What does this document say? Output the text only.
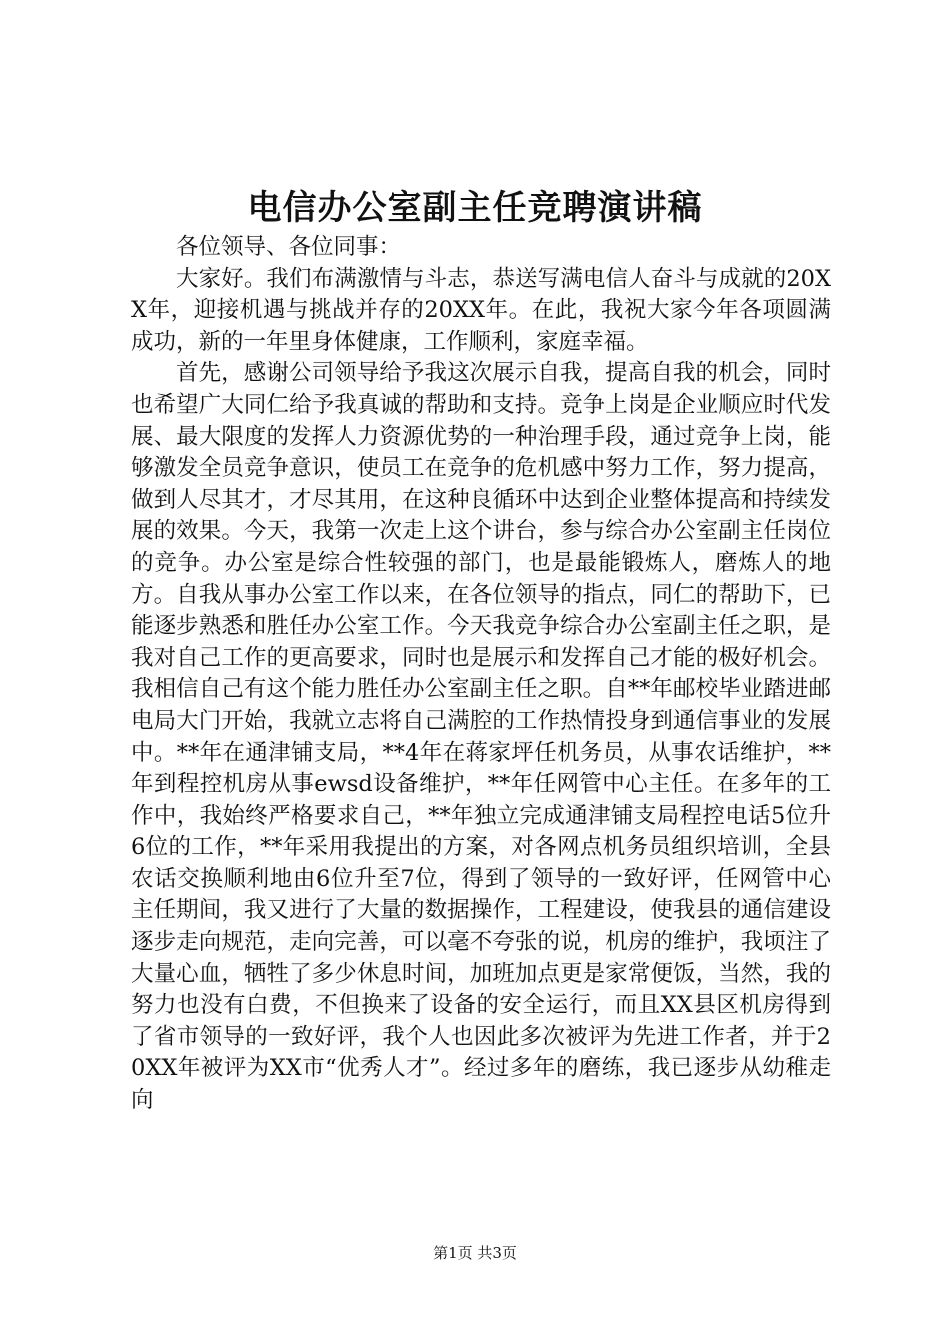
电信办公室副主任竞聘演讲稿

各位领导、各位同事：

大家好。我们布满激情与斗志，恭送写满电信人奋斗与成就的20XX年，迎接机遇与挑战并存的20XX年。在此，我祝大家今年各项圆满成功，新的一年里身体健康，工作顺利，家庭幸福。

首先，感谢公司领导给予我这次展示自我，提高自我的机会，同时也希望广大同仁给予我真诚的帮助和支持。竞争上岗是企业顺应时代发展、最大限度的发挥人力资源优势的一种治理手段，通过竞争上岗，能够激发全员竞争意识，使员工在竞争的危机感中努力工作，努力提高，做到人尽其才，才尽其用，在这种良循环中达到企业整体提高和持续发展的效果。今天，我第一次走上这个讲台，参与综合办公室副主任岗位的竞争。办公室是综合性较强的部门，也是最能锻炼人，磨炼人的地方。自我从事办公室工作以来，在各位领导的指点，同仁的帮助下，已能逐步熟悉和胜任办公室工作。今天我竞争综合办公室副主任之职，是我对自己工作的更高要求，同时也是展示和发挥自己才能的极好机会。我相信自己有这个能力胜任办公室副主任之职。自**年邮校毕业踏进邮电局大门开始，我就立志将自己满腔的工作热情投身到通信事业的发展中。**年在通津铺支局，**4年在蒋家坪任机务员，从事农话维护，**年到程控机房从事ewsd设备维护，**年任网管中心主任。在多年的工作中，我始终严格要求自己，**年独立完成通津铺支局程控电话5位升6位的工作，**年采用我提出的方案，对各网点机务员组织培训，全县农话交换顺利地由6位升至7位，得到了领导的一致好评，任网管中心主任期间，我又进行了大量的数据操作，工程建设，使我县的通信建设逐步走向规范，走向完善，可以毫不夸张的说，机房的维护，我顷注了大量心血，牺牲了多少休息时间，加班加点更是家常便饭，当然，我的努力也没有白费，不但换来了设备的安全运行，而且XX县区机房得到了省市领导的一致好评，我个人也因此多次被评为先进工作者，并于20XX年被评为XX市“优秀人才”。经过多年的磨练，我已逐步从幼稚走向

第1页 共3页
